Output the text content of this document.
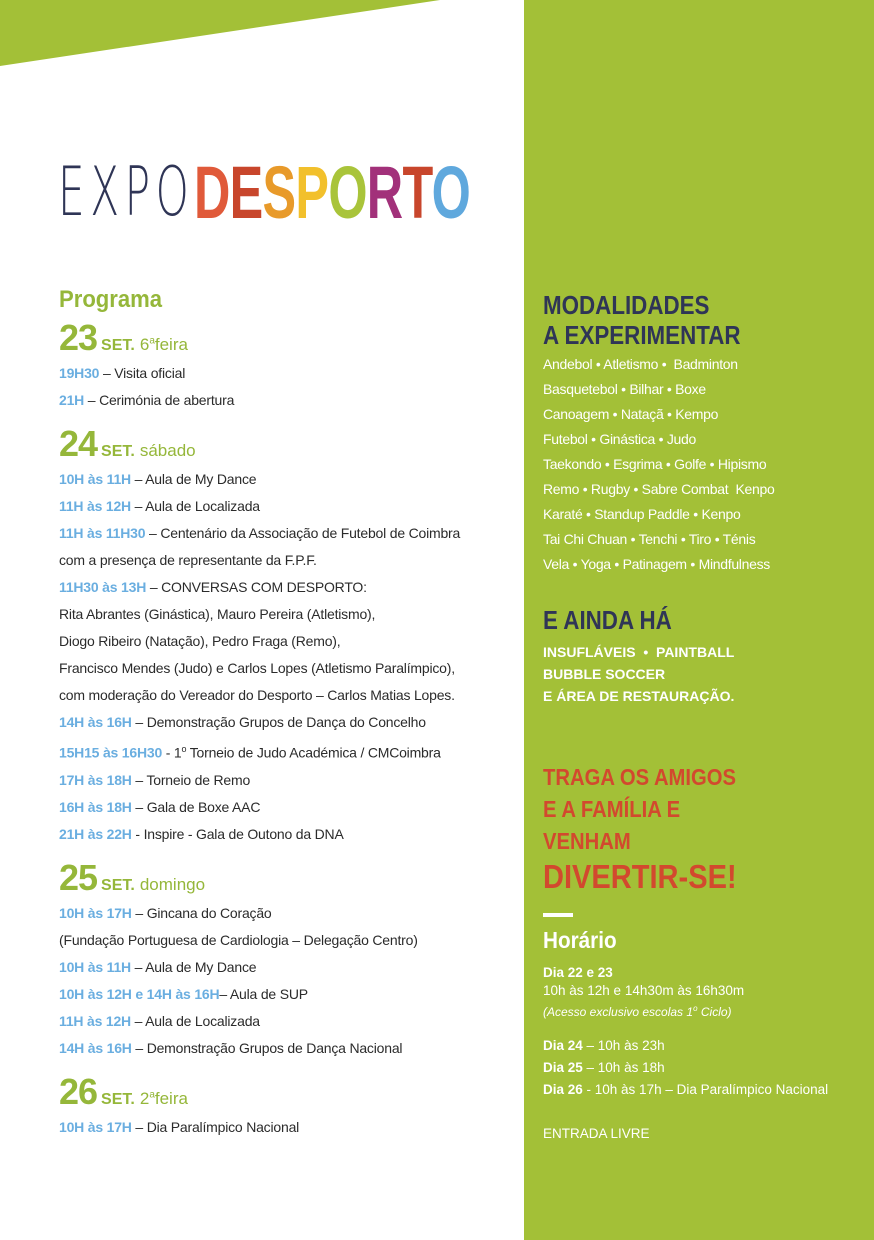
EXPO DESPORTO
Programa
23 SET. 6$^a$feira
19H30 – Visita oficial
21H – Cerimónia de abertura
24 SET. sábado
10H às 11H – Aula de My Dance
11H às 12H – Aula de Localizada
11H às 11H30 – Centenário da Associação de Futebol de Coimbra
com a presença de representante da F.P.F.
11H30 às 13H – CONVERSAS COM DESPORTO:
Rita Abrantes (Ginástica), Mauro Pereira (Atletismo),
Diogo Ribeiro (Natação), Pedro Fraga (Remo),
Francisco Mendes (Judo) e Carlos Lopes (Atletismo Paralímpico),
com moderação do Vereador do Desporto – Carlos Matias Lopes.
14H às 16H – Demonstração Grupos de Dança do Concelho
15H15 às 16H30 - 1$^o$ Torneio de Judo Académica / CMCoimbra
17H às 18H – Torneio de Remo
16H às 18H – Gala de Boxe AAC
21H às 22H - Inspire - Gala de Outono da DNA
25 SET. domingo
10H às 17H – Gincana do Coração
(Fundação Portuguesa de Cardiologia – Delegação Centro)
10H às 11H – Aula de My Dance
10H às 12H e 14H às 16H– Aula de SUP
11H às 12H – Aula de Localizada
14H às 16H – Demonstração Grupos de Dança Nacional
26 SET. 2$^a$feira
10H às 17H – Dia Paralímpico Nacional
MODALIDADES
A EXPERIMENTAR
Andebol • Atletismo •  Badminton
Basquetebol • Bilhar • Boxe
Canoagem • Nataçã • Kempo
Futebol • Ginástica • Judo
Taekondo • Esgrima • Golfe • Hipismo
Remo • Rugby • Sabre Combat  Kenpo
Karaté • Standup Paddle • Kenpo
Tai Chi Chuan • Tenchi • Tiro • Ténis
Vela • Yoga • Patinagem • Mindfulness
E AINDA HÁ
INSUFLÁVEIS  •  PAINTBALL
BUBBLE SOCCER
E ÁREA DE RESTAURAÇÃO.
TRAGA OS AMIGOS
E A FAMÍLIA E
VENHAM
DIVERTIR-SE!
Horário
Dia 22 e 23
10h às 12h e 14h30m às 16h30m
(Acesso exclusivo escolas 1$^o$ Ciclo)
Dia 24 – 10h às 23h
Dia 25 – 10h às 18h
Dia 26 - 10h às 17h – Dia Paralímpico Nacional
ENTRADA LIVRE
